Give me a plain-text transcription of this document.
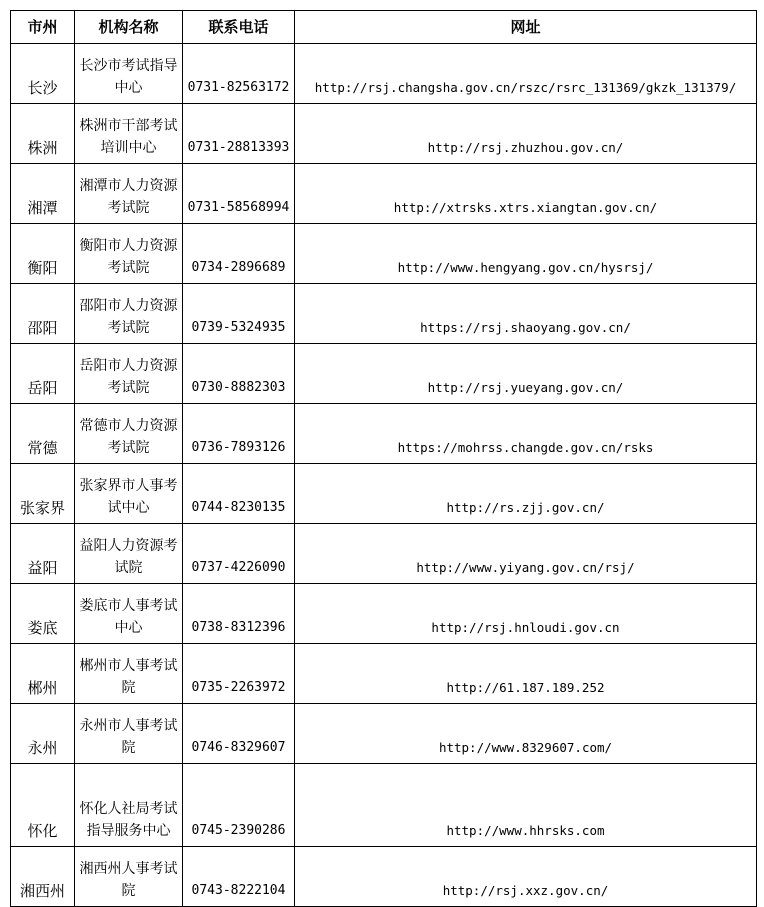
市州	机构名称	联系电话	网址
长沙	长沙市考试指导中心	0731-82563172	http://rsj.changsha.gov.cn/rszc/rsrc_131369/gkzk_131379/
株洲	株洲市干部考试培训中心	0731-28813393	http://rsj.zhuzhou.gov.cn/
湘潭	湘潭市人力资源考试院	0731-58568994	http://xtrsks.xtrs.xiangtan.gov.cn/
衡阳	衡阳市人力资源考试院	0734-2896689	http://www.hengyang.gov.cn/hysrsj/
邵阳	邵阳市人力资源考试院	0739-5324935	https://rsj.shaoyang.gov.cn/
岳阳	岳阳市人力资源考试院	0730-8882303	http://rsj.yueyang.gov.cn/
常德	常德市人力资源考试院	0736-7893126	https://mohrss.changde.gov.cn/rsks
张家界	张家界市人事考试中心	0744-8230135	http://rs.zjj.gov.cn/
益阳	益阳人力资源考试院	0737-4226090	http://www.yiyang.gov.cn/rsj/
娄底	娄底市人事考试中心	0738-8312396	http://rsj.hnloudi.gov.cn
郴州	郴州市人事考试院	0735-2263972	http://61.187.189.252
永州	永州市人事考试院	0746-8329607	http://www.8329607.com/
怀化	怀化人社局考试指导服务中心	0745-2390286	http://www.hhrsks.com
湘西州	湘西州人事考试院	0743-8222104	http://rsj.xxz.gov.cn/
